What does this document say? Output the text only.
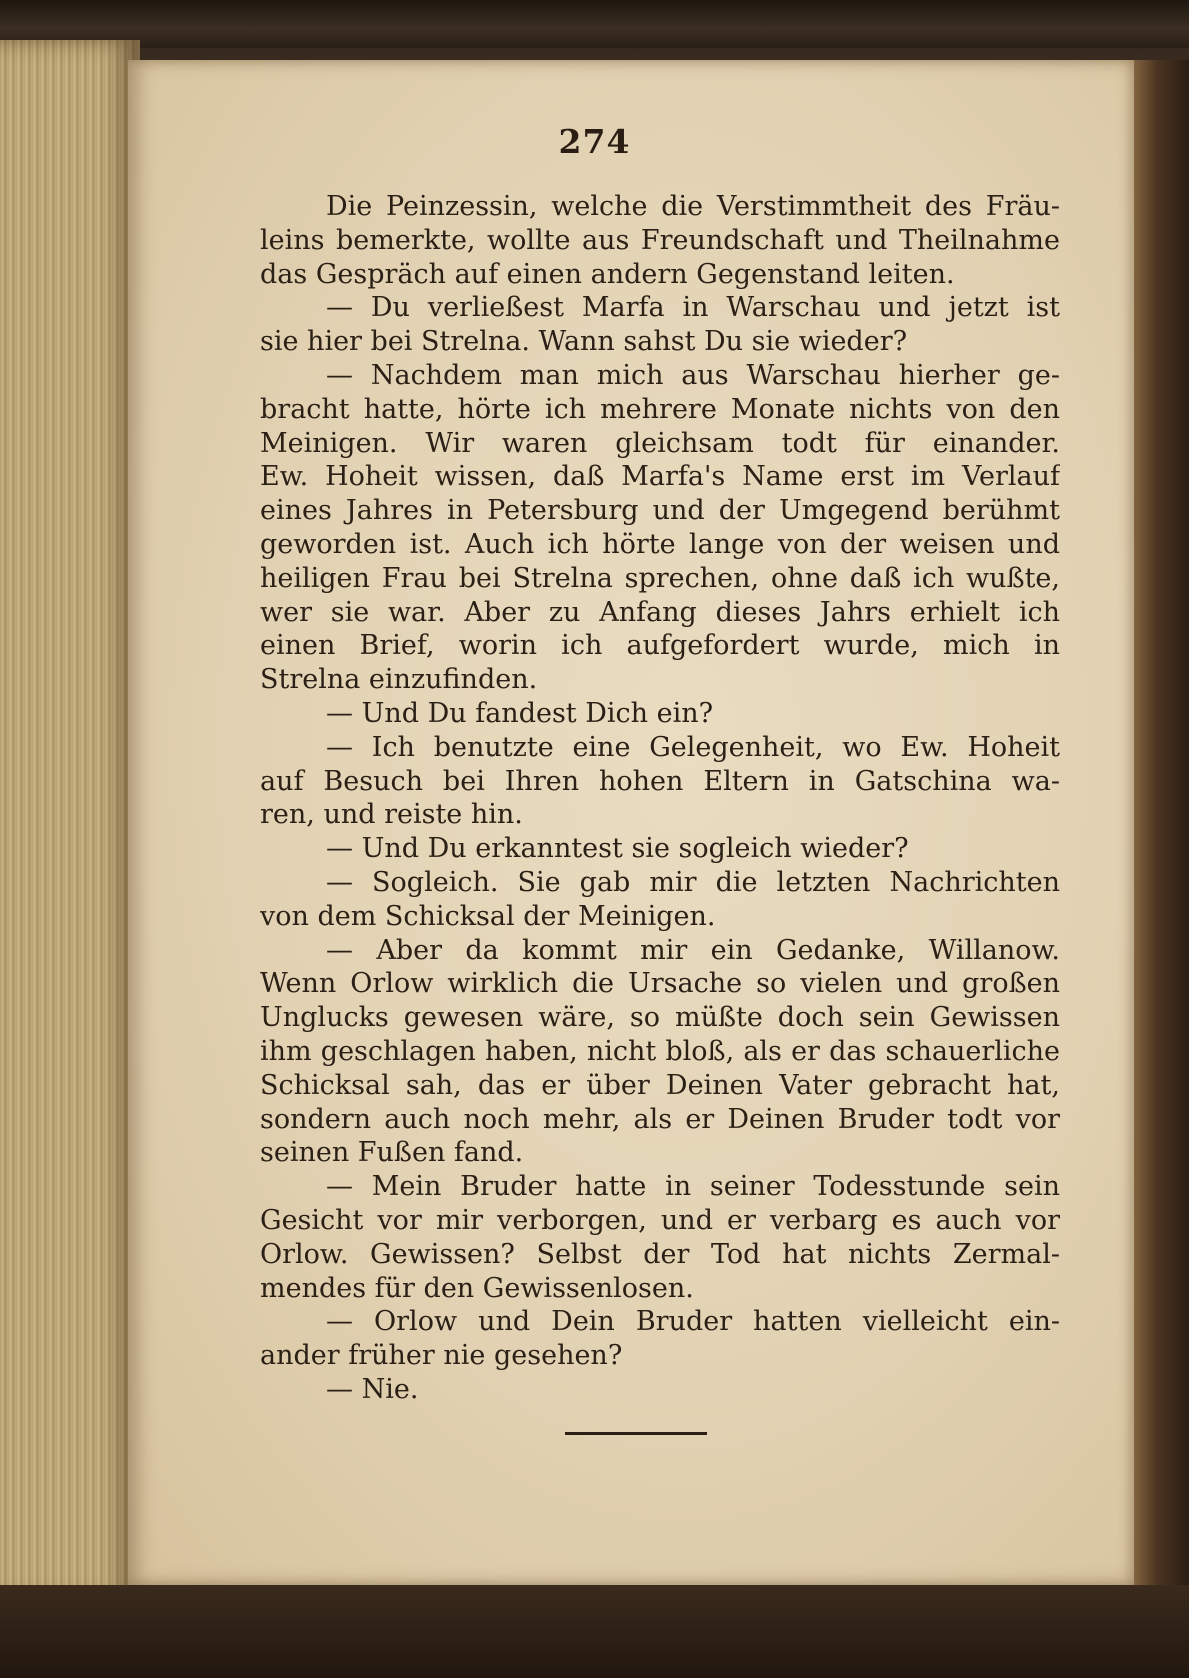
274
Die Peinzessin, welche die Verstimmtheit des Fräu-
leins bemerkte, wollte aus Freundschaft und Theilnahme
das Gespräch auf einen andern Gegenstand leiten.
— Du verließest Marfa in Warschau und jetzt ist
sie hier bei Strelna. Wann sahst Du sie wieder?
— Nachdem man mich aus Warschau hierher ge-
bracht hatte, hörte ich mehrere Monate nichts von den
Meinigen. Wir waren gleichsam todt für einander.
Ew. Hoheit wissen, daß Marfa's Name erst im Verlauf
eines Jahres in Petersburg und der Umgegend berühmt
geworden ist. Auch ich hörte lange von der weisen und
heiligen Frau bei Strelna sprechen, ohne daß ich wußte,
wer sie war. Aber zu Anfang dieses Jahrs erhielt ich
einen Brief, worin ich aufgefordert wurde, mich in
Strelna einzufinden.
— Und Du fandest Dich ein?
— Ich benutzte eine Gelegenheit, wo Ew. Hoheit
auf Besuch bei Ihren hohen Eltern in Gatschina wa-
ren, und reiste hin.
— Und Du erkanntest sie sogleich wieder?
— Sogleich. Sie gab mir die letzten Nachrichten
von dem Schicksal der Meinigen.
— Aber da kommt mir ein Gedanke, Willanow.
Wenn Orlow wirklich die Ursache so vielen und großen
Unglucks gewesen wäre, so müßte doch sein Gewissen
ihm geschlagen haben, nicht bloß, als er das schauerliche
Schicksal sah, das er über Deinen Vater gebracht hat,
sondern auch noch mehr, als er Deinen Bruder todt vor
seinen Fußen fand.
— Mein Bruder hatte in seiner Todesstunde sein
Gesicht vor mir verborgen, und er verbarg es auch vor
Orlow. Gewissen? Selbst der Tod hat nichts Zermal-
mendes für den Gewissenlosen.
— Orlow und Dein Bruder hatten vielleicht ein-
ander früher nie gesehen?
— Nie.
